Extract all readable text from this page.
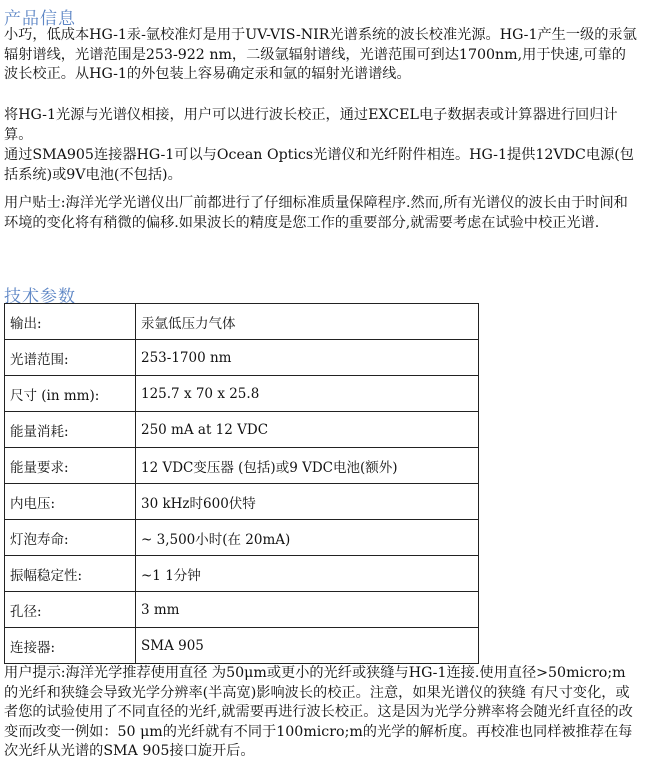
产品信息

小巧，低成本HG-1汞-氩校准灯是用于UV-VIS-NIR光谱系统的波长校准光源。HG-1产生一级的汞氩辐射谱线，光谱范围是253-922 nm，二级氩辐射谱线，光谱范围可到达1700nm,用于快速,可靠的波长校正。从HG-1的外包装上容易确定汞和氩的辐射光谱谱线。

将HG-1光源与光谱仪相接，用户可以进行波长校正，通过EXCEL电子数据表或计算器进行回归计算。

通过SMA905连接器HG-1可以与Ocean Optics光谱仪和光纤附件相连。HG-1提供12VDC电源(包括系统)或9V电池(不包括)。

用户贴士:海洋光学光谱仪出厂前都进行了仔细标准质量保障程序.然而,所有光谱仪的波长由于时间和环境的变化将有稍微的偏移.如果波长的精度是您工作的重要部分,就需要考虑在试验中校正光谱.

技术参数
输出:	汞氩低压力气体
光谱范围:	253-1700 nm
尺寸 (in mm):	125.7 x 70 x 25.8
能量消耗:	250 mA at 12 VDC
能量要求:	12 VDC变压器 (包括)或9 VDC电池(额外)
内电压:	30 kHz时600伏特
灯泡寿命:	~ 3,500小时(在 20mA)
振幅稳定性:	~1 1分钟
孔径:	3 mm
连接器:	SMA 905

用户提示:海洋光学推荐使用直径 为50μm或更小的光纤或狭缝与HG-1连接.使用直径>50micro;m的光纤和狭缝会导致光学分辨率(半高宽)影响波长的校正。注意，如果光谱仪的狭缝 有尺寸变化，或者您的试验使用了不同直径的光纤,就需要再进行波长校正。这是因为光学分辨率将会随光纤直径的改变而改变一例如：50 μm的光纤就有不同于100micro;m的光学的解析度。再校准也同样被推荐在每次光纤从光谱的SMA 905接口旋开后。
